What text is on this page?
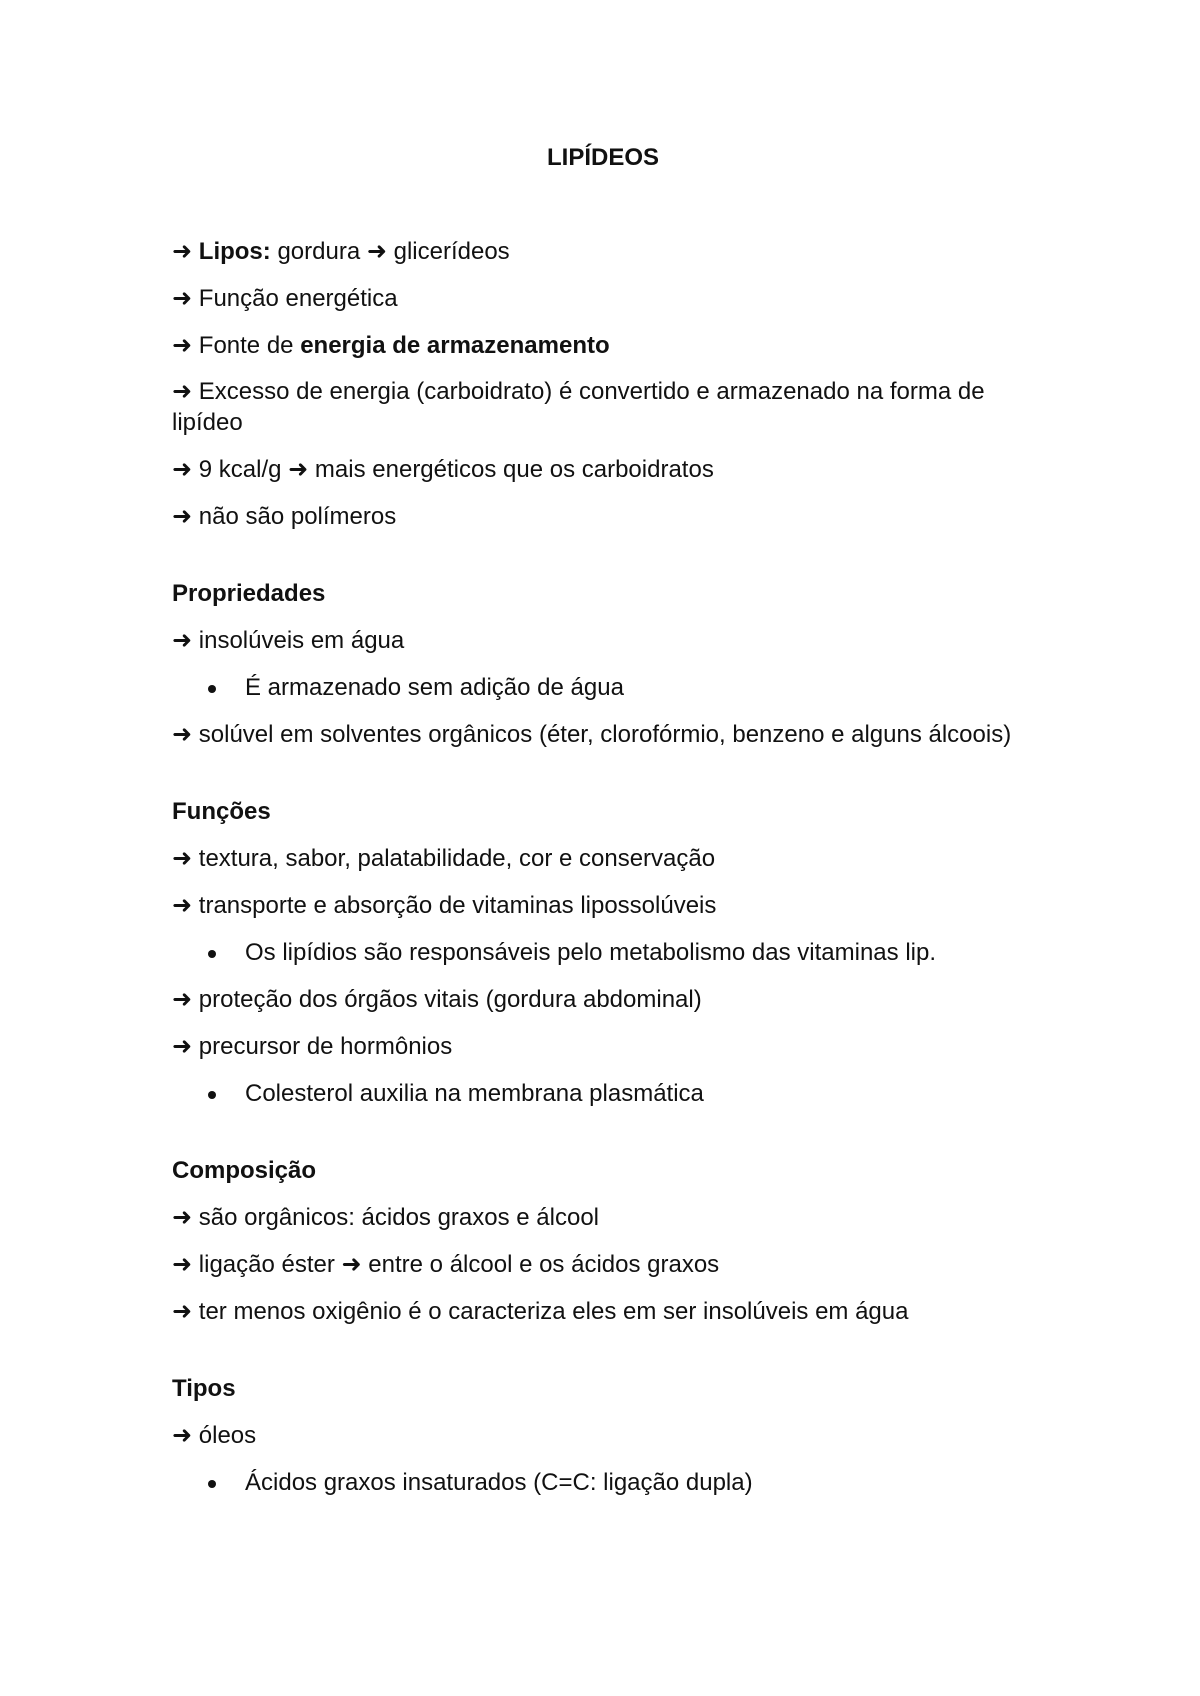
LIPÍDEOS

➜ Lipos: gordura ➜ glicerídeos

➜ Função energética

➜ Fonte de energia de armazenamento

➜ Excesso de energia (carboidrato) é convertido e armazenado na forma de lipídeo

➜ 9 kcal/g ➜ mais energéticos que os carboidratos

➜ não são polímeros

Propriedades

➜ insolúveis em água

É armazenado sem adição de água

➜ solúvel em solventes orgânicos (éter, clorofórmio, benzeno e alguns álcoois)

Funções

➜ textura, sabor, palatabilidade, cor e conservação

➜ transporte e absorção de vitaminas lipossolúveis

Os lipídios são responsáveis pelo metabolismo das vitaminas lip.

➜ proteção dos órgãos vitais (gordura abdominal)

➜ precursor de hormônios

Colesterol auxilia na membrana plasmática

Composição

➜ são orgânicos: ácidos graxos e álcool

➜ ligação éster ➜ entre o álcool e os ácidos graxos

➜ ter menos oxigênio é o caracteriza eles em ser insolúveis em água

Tipos

➜ óleos

Ácidos graxos insaturados (C=C: ligação dupla)
